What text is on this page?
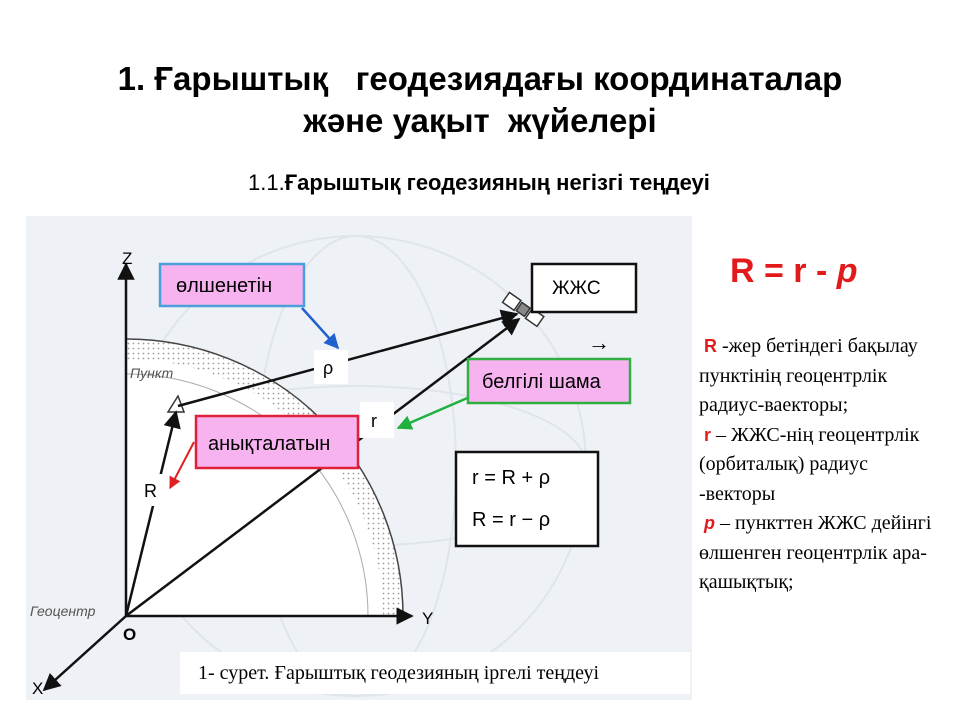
1. Ғарыштық   геодезиядағы координаталар
және уақыт  жүйелері
1.1.Ғарыштық геодезияның негізгі теңдеуі
R = r - p
R -жер бетіндегі бақылау пунктінің геоцентрлік радиус-ваекторы;
r – ЖЖС-нің геоцентрлік (орбиталық) радиус -векторы
p – пункттен ЖЖС дейінгі өлшенген геоцентрлік ара-қашықтық;
Z
Y
X
O
Геоцентр
Пункт	ρ
r
R
өлшенетін
белгілі шама
анықталатын
ЖЖС
→
r = R + ρ
R = r − ρ
1- сурет. Ғарыштық геодезияның іргелі теңдеуі
